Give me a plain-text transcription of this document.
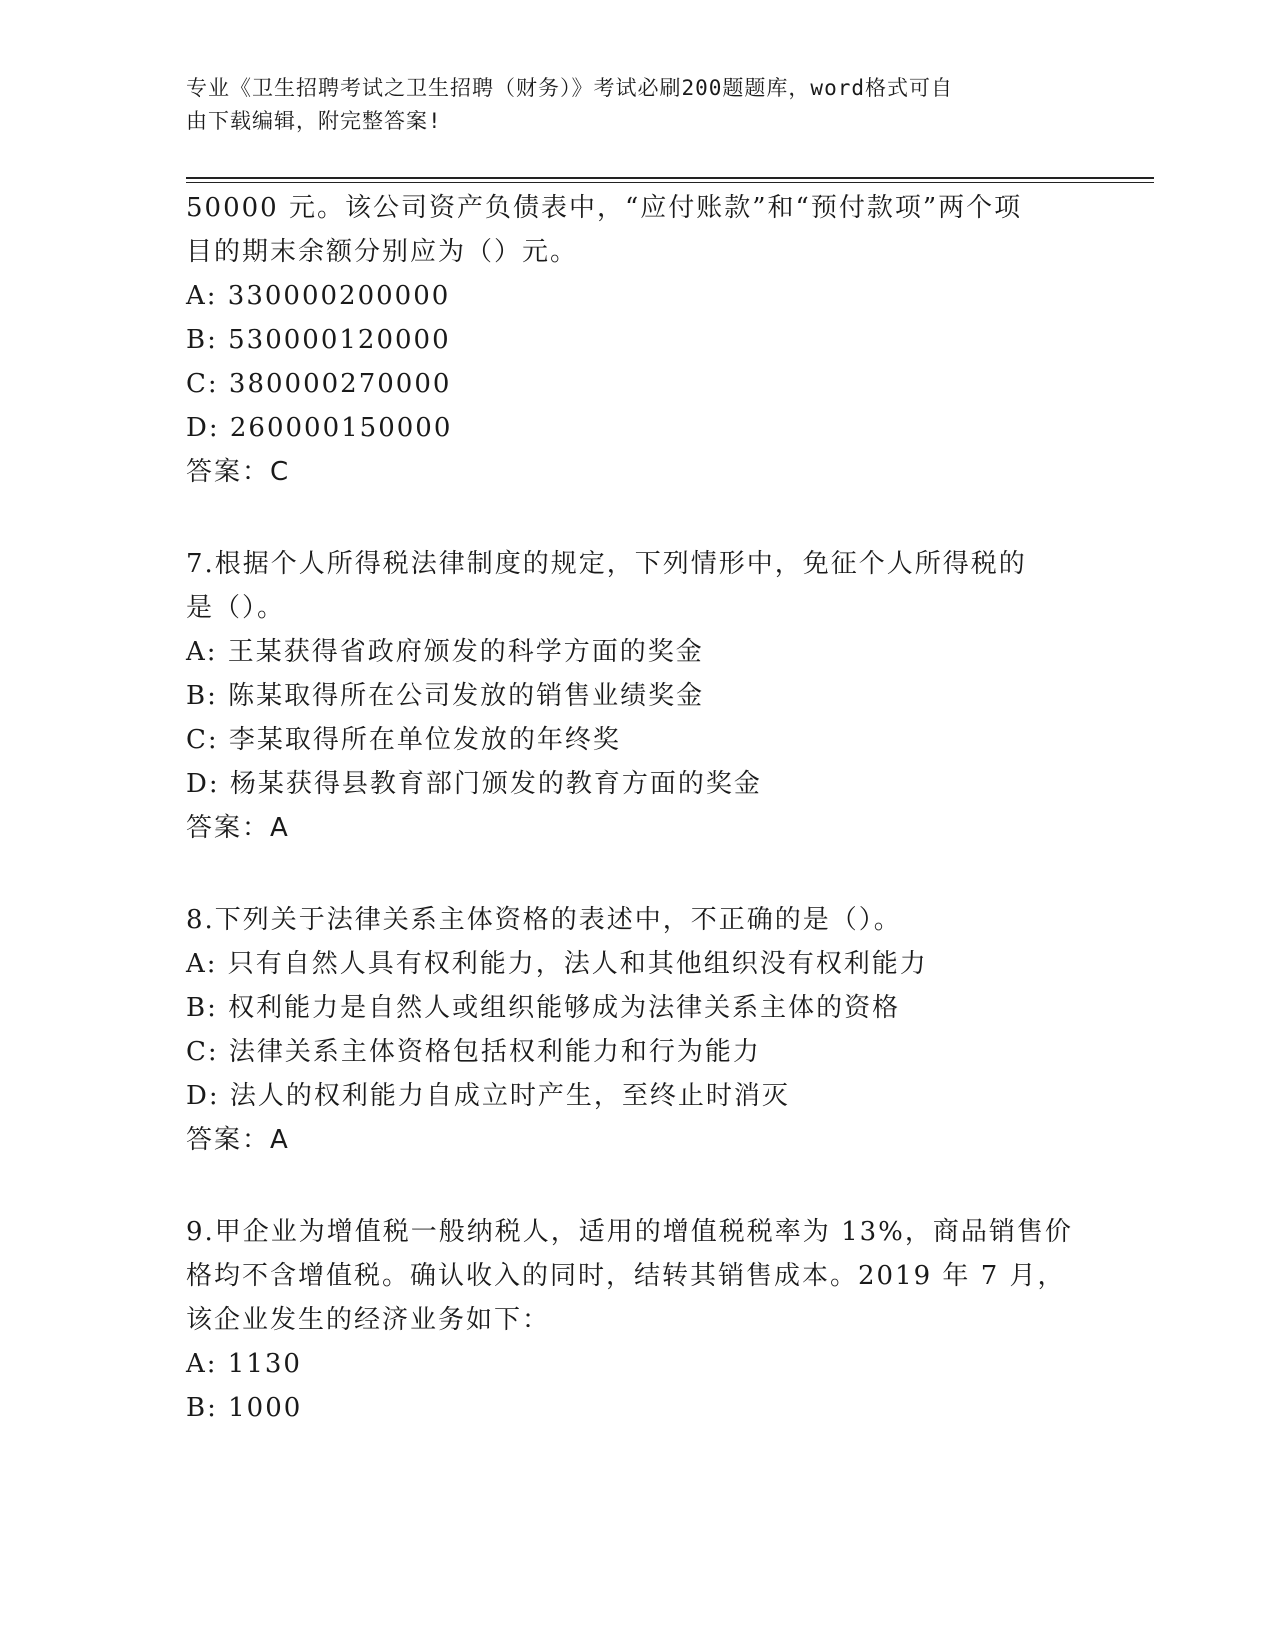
专业《卫生招聘考试之卫生招聘（财务）》考试必刷200题题库，word格式可自
由下载编辑，附完整答案!
50000 元。该公司资产负债表中，“应付账款”和“预付款项”两个项
目的期末余额分别应为（）元。
A: 330000200000
B: 530000120000
C: 380000270000
D: 260000150000
答案：C
7.根据个人所得税法律制度的规定，下列情形中，免征个人所得税的
是（）。
A: 王某获得省政府颁发的科学方面的奖金
B: 陈某取得所在公司发放的销售业绩奖金
C: 李某取得所在单位发放的年终奖
D: 杨某获得县教育部门颁发的教育方面的奖金
答案：A
8.下列关于法律关系主体资格的表述中，不正确的是（）。
A: 只有自然人具有权利能力，法人和其他组织没有权利能力
B: 权利能力是自然人或组织能够成为法律关系主体的资格
C: 法律关系主体资格包括权利能力和行为能力
D: 法人的权利能力自成立时产生，至终止时消灭
答案：A
9.甲企业为增值税一般纳税人，适用的增值税税率为 13%，商品销售价
格均不含增值税。确认收入的同时，结转其销售成本。2019 年 7 月，
该企业发生的经济业务如下：
A: 1130
B: 1000
